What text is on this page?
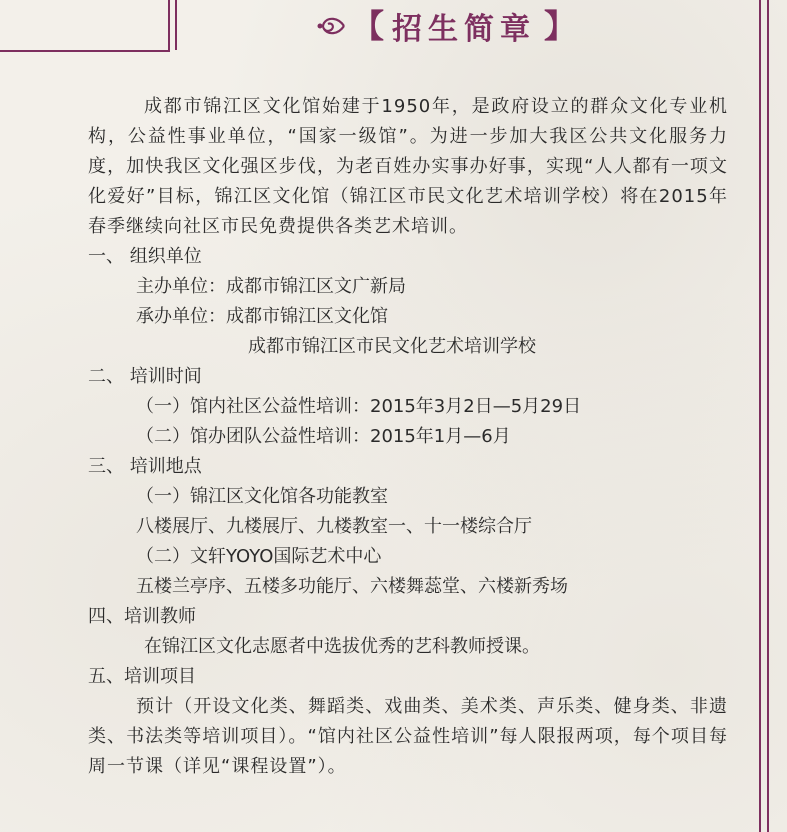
【 招生简章 】

成都市锦江区文化馆始建于1950年，是政府设立的群众文化专业机构，公益性事业单位，“国家一级馆”。为进一步加大我区公共文化服务力度，加快我区文化强区步伐，为老百姓办实事办好事，实现“人人都有一项文化爱好”目标，锦江区文化馆（锦江区市民文化艺术培训学校）将在2015年春季继续向社区市民免费提供各类艺术培训。

一、 组织单位

主办单位：成都市锦江区文广新局

承办单位：成都市锦江区文化馆

成都市锦江区市民文化艺术培训学校

二、 培训时间

（一）馆内社区公益性培训：2015年3月2日—5月29日

（二）馆办团队公益性培训：2015年1月—6月

三、 培训地点

（一）锦江区文化馆各功能教室

八楼展厅、九楼展厅、九楼教室一、十一楼综合厅

（二）文轩YOYO国际艺术中心

五楼兰亭序、五楼多功能厅、六楼舞蕊堂、六楼新秀场

四、培训教师

在锦江区文化志愿者中选拔优秀的艺科教师授课。

五、培训项目

预计（开设文化类、舞蹈类、戏曲类、美术类、声乐类、健身类、非遗类、书法类等培训项目）。“馆内社区公益性培训”每人限报两项，每个项目每周一节课（详见“课程设置”）。
